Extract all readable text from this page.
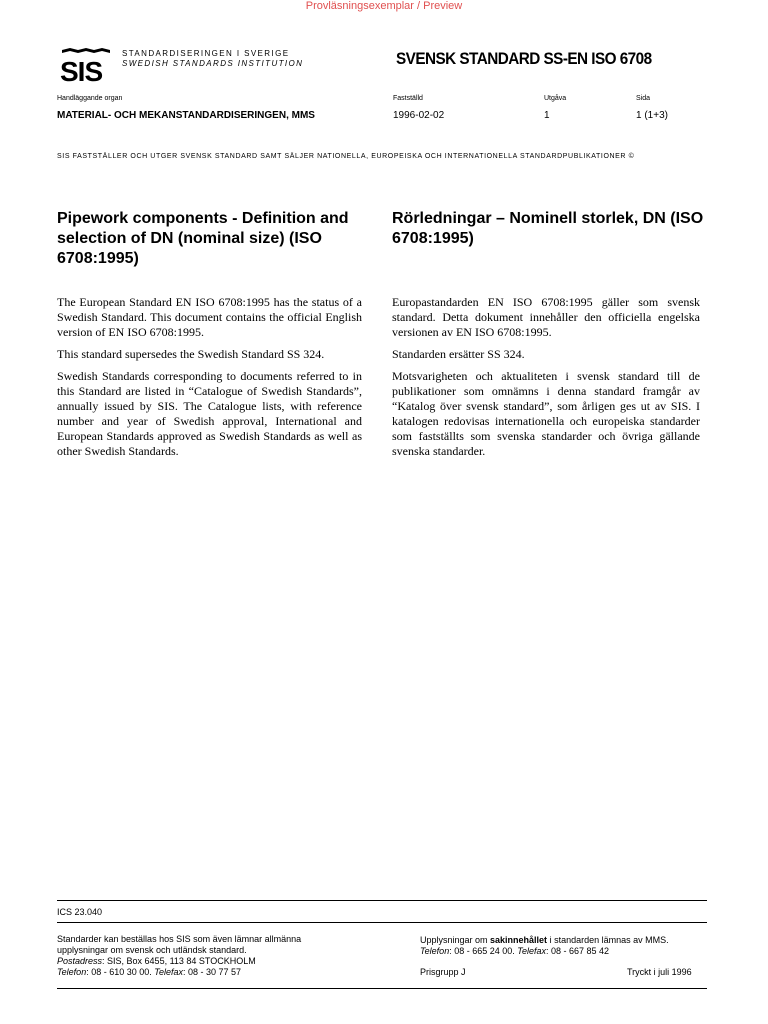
Provläsningsexemplar / Preview
SIS
STANDARDISERINGEN I SVERIGE
SWEDISH STANDARDS INSTITUTION	SVENSK STANDARD SS-EN ISO 6708
Handläggande organ
MATERIAL- OCH MEKANSTANDARDISERINGEN, MMS
Fastställd
1996-02-02
Utgåva
1
Sida
1 (1+3)
SIS FASTSTÄLLER OCH UTGER SVENSK STANDARD SAMT SÄLJER NATIONELLA, EUROPEISKA OCH INTERNATIONELLA STANDARDPUBLIKATIONER ©
Pipework components - Definition and selection of DN (nominal size) (ISO 6708:1995)
Rörledningar – Nominell storlek, DN (ISO 6708:1995)

The European Standard EN ISO 6708:1995 has the status of a Swedish Standard. This document contains the official English version of EN ISO 6708:1995.

This standard supersedes the Swedish Standard SS 324.

Swedish Standards corresponding to documents referred to in this Standard are listed in “Catalogue of Swedish Standards”, annually issued by SIS. The Catalogue lists, with reference number and year of Swedish approval, International and European Standards approved as Swedish Standards as well as other Swedish Standards.

Europastandarden EN ISO 6708:1995 gäller som svensk standard. Detta dokument innehåller den officiella engelska versionen av EN ISO 6708:1995.

Standarden ersätter SS 324.

Motsvarigheten och aktualiteten i svensk standard till de publikationer som omnämns i denna standard framgår av “Katalog över svensk standard”, som årligen ges ut av SIS. I katalogen redovisas internationella och europeiska standarder som fastställts som svenska standarder och övriga gällande svenska standarder.

ICS 23.040
Standarder kan beställas hos SIS som även lämnar allmänna upplysningar om svensk och utländsk standard.
Postadress: SIS, Box 6455, 113 84 STOCKHOLM
Telefon: 08 - 610 30 00. Telefax: 08 - 30 77 57
Upplysningar om sakinnehållet i standarden lämnas av MMS.
Telefon: 08 - 665 24 00. Telefax: 08 - 667 85 42
Prisgrupp J	Tryckt i juli 1996
